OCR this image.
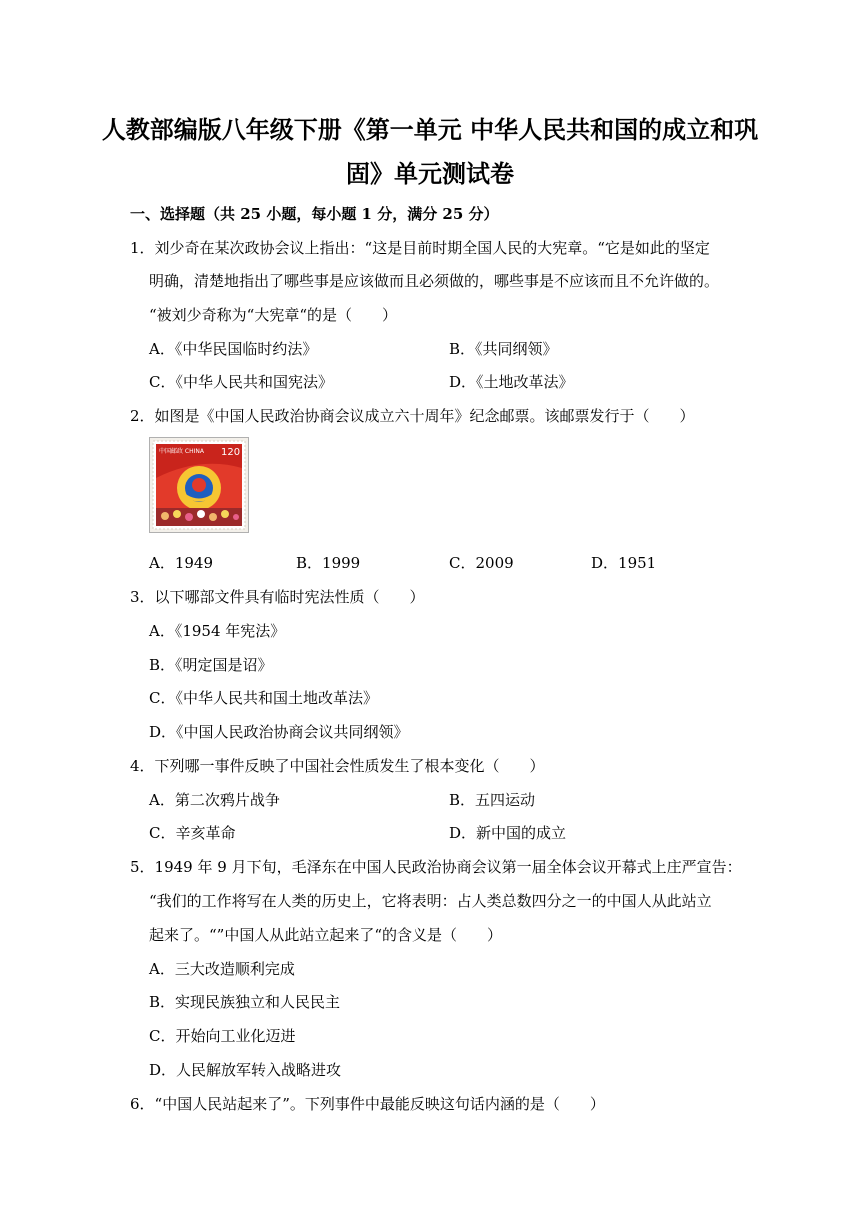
人教部编版八年级下册《第一单元 中华人民共和国的成立和巩
固》单元测试卷
一、选择题（共 25 小题，每小题 1 分，满分 25 分）
1．刘少奇在某次政协会议上指出：“这是目前时期全国人民的大宪章。“它是如此的坚定
明确，清楚地指出了哪些事是应该做而且必须做的，哪些事是不应该而且不允许做的。
“被刘少奇称为“大宪章“的是（　　）
A．《中华民国临时约法》	B．《共同纲领》
C．《中华人民共和国宪法》	D．《土地改革法》
2．如图是《中国人民政治协商会议成立六十周年》纪念邮票。该邮票发行于（　　）
中国邮政 CHINA 120
A．1949	B．1999	C．2009	D．1951
3．以下哪部文件具有临时宪法性质（　　）
A．《1954 年宪法》
B．《明定国是诏》
C．《中华人民共和国土地改革法》
D．《中国人民政治协商会议共同纲领》
4．下列哪一事件反映了中国社会性质发生了根本变化（　　）
A．第二次鸦片战争	B．五四运动
C．辛亥革命	D．新中国的成立
5．1949 年 9 月下旬，毛泽东在中国人民政治协商会议第一届全体会议开幕式上庄严宣告：
“我们的工作将写在人类的历史上，它将表明：占人类总数四分之一的中国人从此站立
起来了。“”中国人从此站立起来了“的含义是（　　）
A．三大改造顺利完成
B．实现民族独立和人民民主
C．开始向工业化迈进
D．人民解放军转入战略进攻
6．“中国人民站起来了”。下列事件中最能反映这句话内涵的是（　　）
